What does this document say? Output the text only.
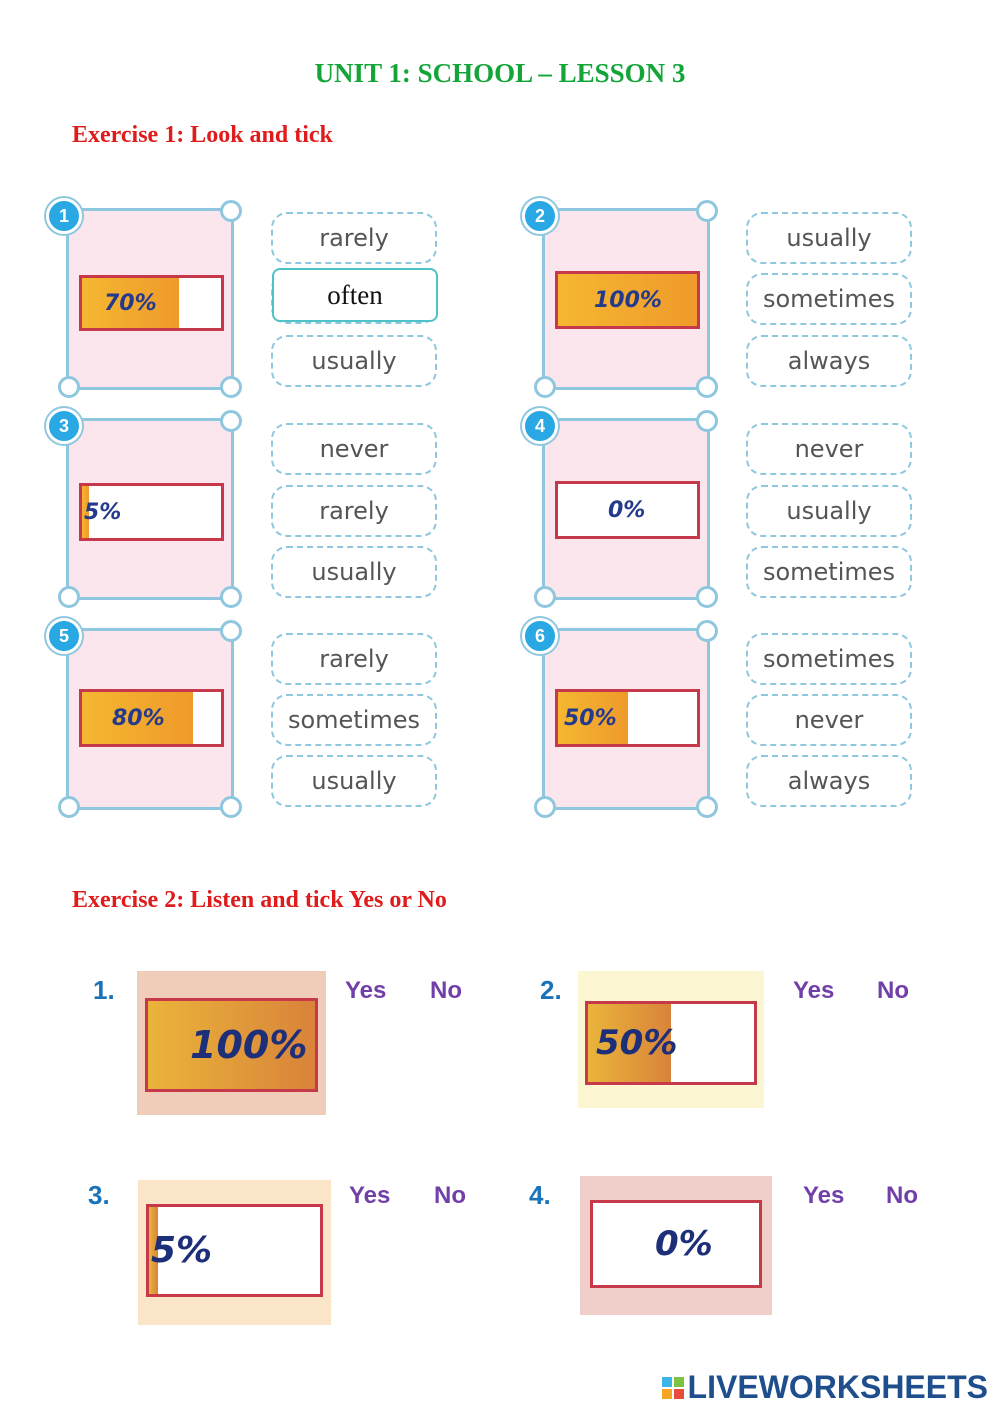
UNIT 1: SCHOOL – LESSON 3
Exercise 1: Look and tick
70%
1
rarely
often
usually
100%
2
usually
sometimes
always
5%
3
never
rarely
usually
0%
4
never
usually
sometimes
80%
5
rarely
sometimes
usually
50%
6
sometimes
never
always
Exercise 2: Listen and tick Yes or No
1.
100%
Yes No	2.
50%
Yes No
3.
5%
Yes No 4.
0%
Yes No
LIVEWORKSHEETS
